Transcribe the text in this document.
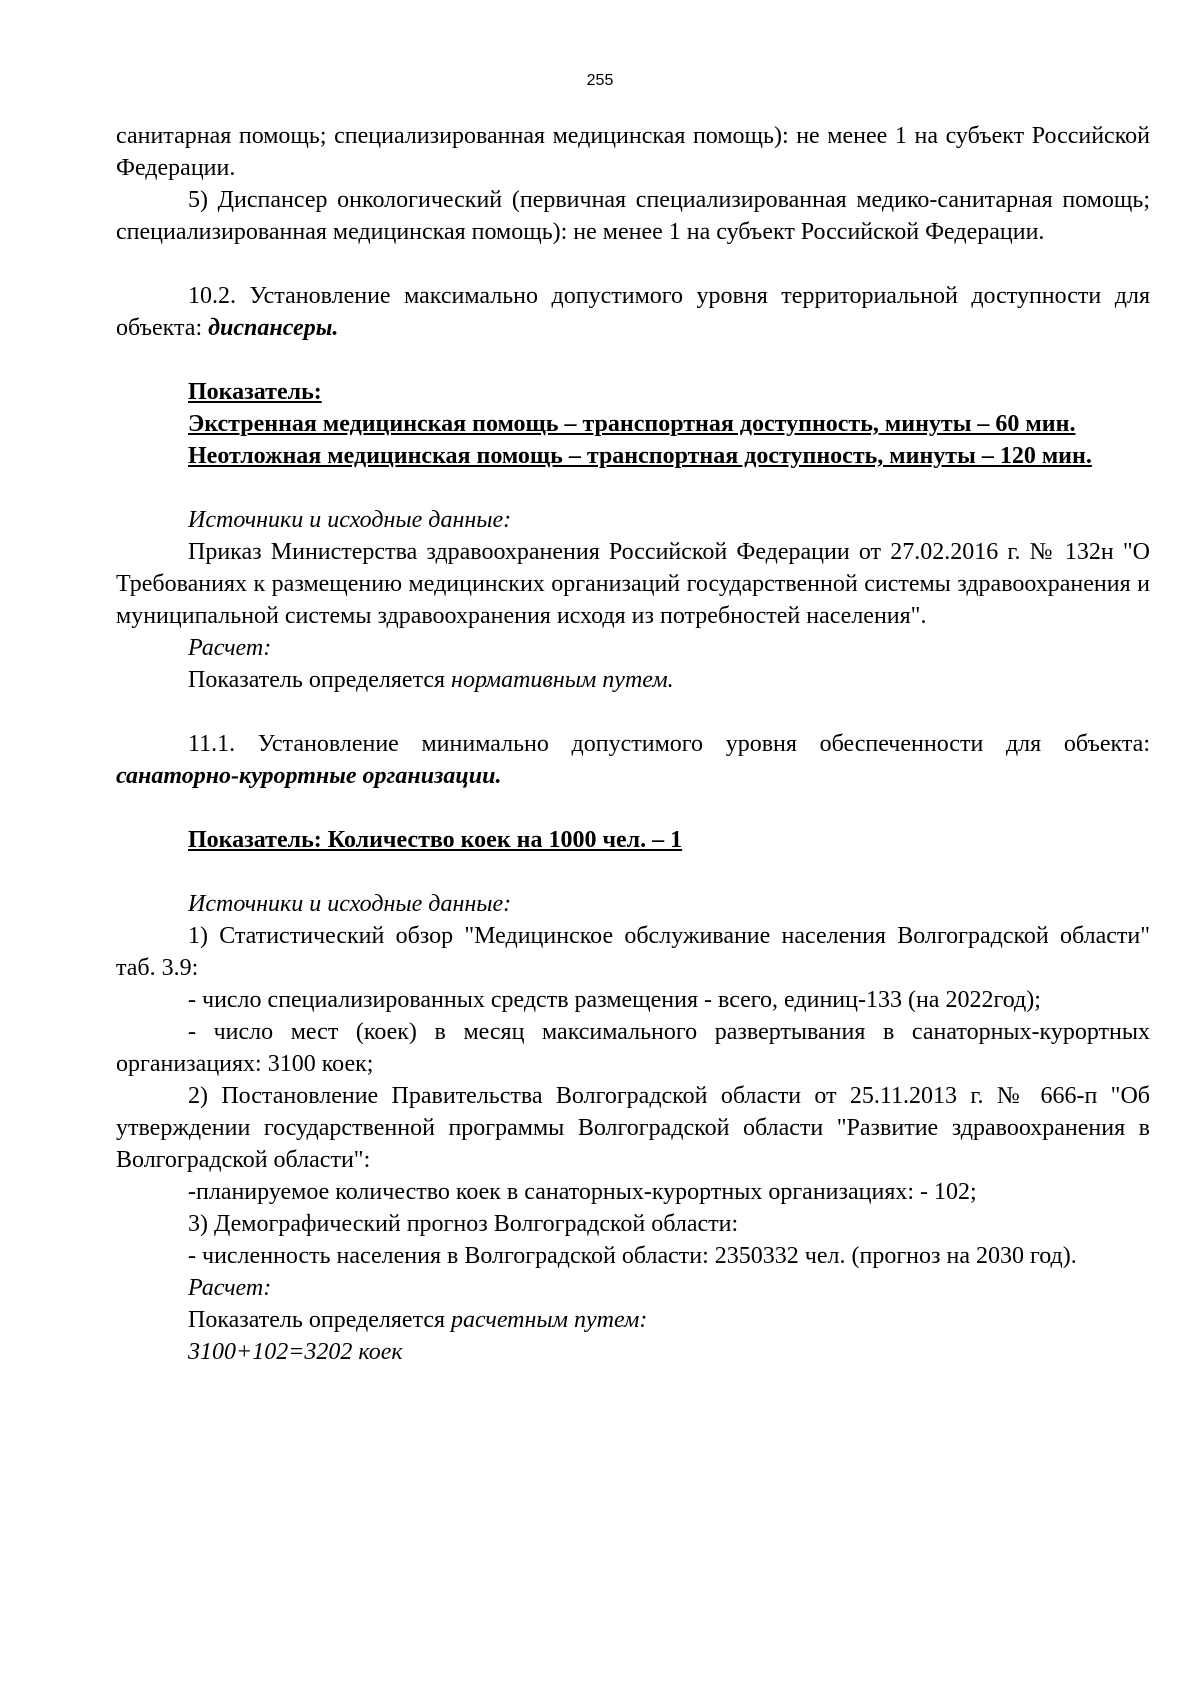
255

санитарная помощь; специализированная медицинская помощь): не менее 1 на субъект Российской Федерации.

5) Диспансер онкологический (первичная специализированная медико-санитарная помощь; специализированная медицинская помощь): не менее 1 на субъект Российской Федерации.

10.2. Установление максимально допустимого уровня территориальной доступности для объекта: диспансеры.

Показатель:

Экстренная медицинская помощь – транспортная доступность, минуты – 60 мин.

Неотложная медицинская помощь – транспортная доступность, минуты – 120 мин.

Источники и исходные данные:

Приказ Министерства здравоохранения Российской Федерации от 27.02.2016 г. № 132н "О Требованиях к размещению медицинских организаций государственной системы здравоохранения и муниципальной системы здравоохранения исходя из потребностей населения".

Расчет:

Показатель определяется нормативным путем.

11.1. Установление минимально допустимого уровня обеспеченности для объекта: санаторно-курортные организации.

Показатель: Количество коек на 1000 чел. – 1

Источники и исходные данные:

1) Статистический обзор "Медицинское обслуживание населения Волгоградской области" таб. 3.9:

- число специализированных средств размещения - всего, единиц-133 (на 2022год);

- число мест (коек) в месяц максимального развертывания в санаторных-курортных организациях: 3100 коек;

2) Постановление Правительства Волгоградской области от 25.11.2013 г. № 666-п "Об утверждении государственной программы Волгоградской области "Развитие здравоохранения в Волгоградской области":

-планируемое количество коек в санаторных-курортных организациях: - 102;

3) Демографический прогноз Волгоградской области:

- численность населения в Волгоградской области: 2350332 чел. (прогноз на 2030 год).

Расчет:

Показатель определяется расчетным путем:

3100+102=3202 коек
